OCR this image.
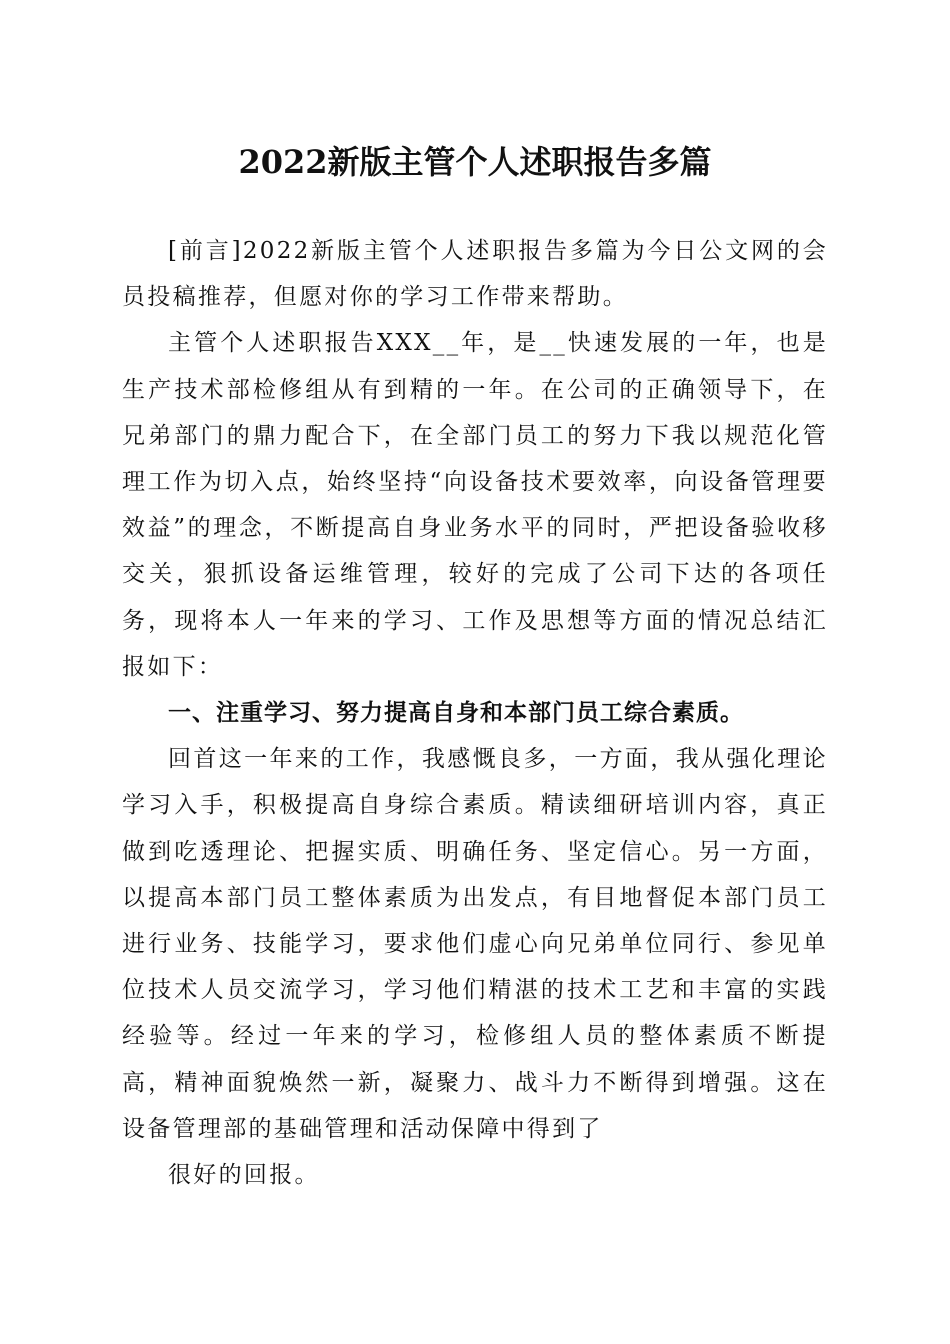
2022新版主管个人述职报告多篇

[前言]2022新版主管个人述职报告多篇为今日公文网的会员投稿推荐，但愿对你的学习工作带来帮助。

主管个人述职报告XXX__年，是__快速发展的一年，也是生产技术部检修组从有到精的一年。在公司的正确领导下，在兄弟部门的鼎力配合下，在全部门员工的努力下我以规范化管理工作为切入点，始终坚持“向设备技术要效率，向设备管理要效益”的理念，不断提高自身业务水平的同时，严把设备验收移交关，狠抓设备运维管理，较好的完成了公司下达的各项任务，现将本人一年来的学习、工作及思想等方面的情况总结汇报如下：

一、注重学习、努力提高自身和本部门员工综合素质。

回首这一年来的工作，我感慨良多，一方面，我从强化理论学习入手，积极提高自身综合素质。精读细研培训内容，真正做到吃透理论、把握实质、明确任务、坚定信心。另一方面，以提高本部门员工整体素质为出发点，有目地督促本部门员工进行业务、技能学习，要求他们虚心向兄弟单位同行、参见单位技术人员交流学习，学习他们精湛的技术工艺和丰富的实践经验等。经过一年来的学习，检修组人员的整体素质不断提高，精神面貌焕然一新，凝聚力、战斗力不断得到增强。这在设备管理部的基础管理和活动保障中得到了

很好的回报。
